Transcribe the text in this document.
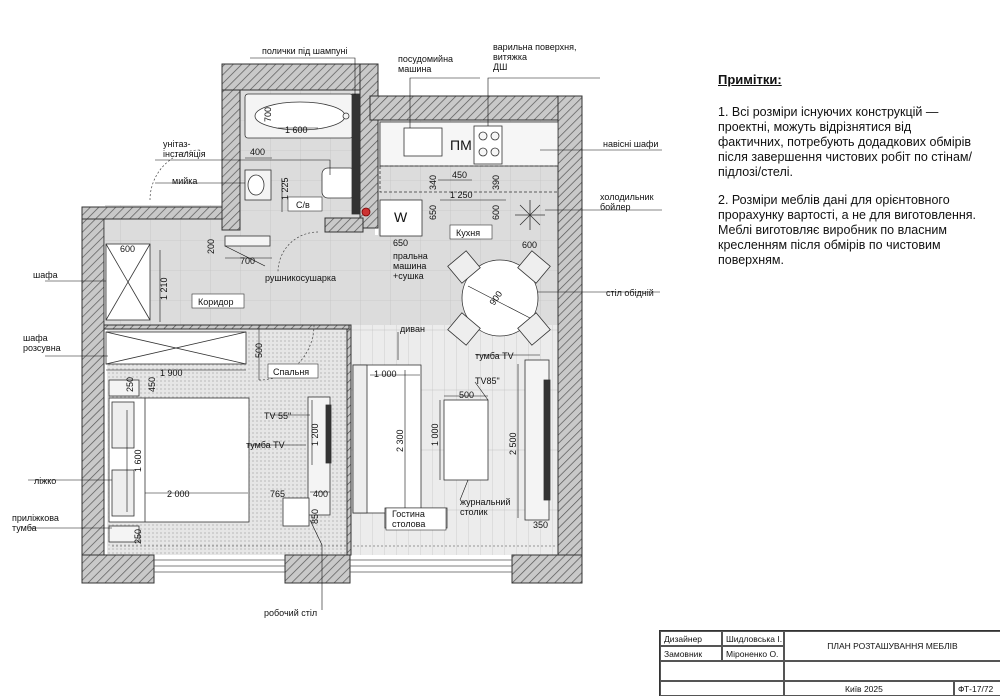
полички під шампуні
посудомийна машина
варильна поверхня, витяжка ДШ
унітаз-інсталяція
мийка
навісні шафи
холодильник бойлер
шафа	рушникосушарка
пральна машина +сушка
стіл обідній
шафа розсувна
диван
тумба TV
TV85"
TV 55"
тумба TV
ліжко
приліжкова тумба
журнальний столик
робочий стіл
ПМ
W
С/в
Кухня
Коридор
Спальня
Гостина столова
700
1 600
400
1 225	340 450	390
1 250
650	600
650	600
600
1 210
200
700
900
500
1 900
250 450
1 600
2 000
1 200
765	400
850
250
1 000
2 300
500
1 000	2 500
350
Примітки:

1. Всі розміри існуючих конструкцій — проектні, можуть відрізнятися від фактичних, потребують додадкових обмірів після завершення чистових робіт по стінам/підлозі/стелі.

2. Розміри меблів дані для орієнтовного прорахунку вартості, а не для виготовлення. Меблі виготовляє виробник по власним кресленням після обмірів по чистовим поверхням.

Дизайнер	Шидловська І.
Замовник	Міроненко О.
ПЛАН РОЗТАШУВАННЯ МЕБЛІВ
Київ 2025	ФТ-17/72
